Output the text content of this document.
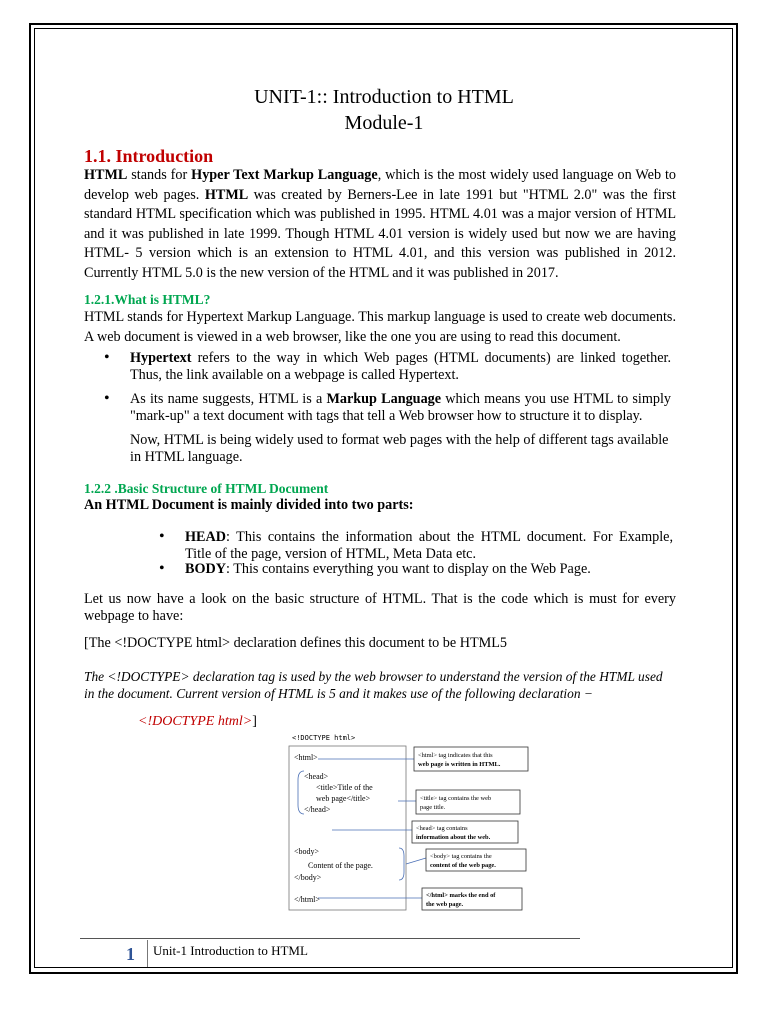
UNIT-1:: Introduction to HTML
Module-1
1.1. Introduction
HTML stands for Hyper Text Markup Language, which is the most widely used language on Web to develop web pages. HTML was created by Berners-Lee in late 1991 but "HTML 2.0" was the first standard HTML specification which was published in 1995. HTML 4.01 was a major version of HTML and it was published in late 1999. Though HTML 4.01 version is widely used but now we are having HTML- 5 version which is an extension to HTML 4.01, and this version was published in 2012. Currently HTML 5.0 is the new version of the HTML and it was published in 2017.
1.2.1.What is HTML?
HTML stands for Hypertext Markup Language. This markup language is used to create web documents. A web document is viewed in a web browser, like the one you are using to read this document.
• Hypertext refers to the way in which Web pages (HTML documents) are linked together. Thus, the link available on a webpage is called Hypertext.
• As its name suggests, HTML is a Markup Language which means you use HTML to simply "mark-up" a text document with tags that tell a Web browser how to structure it to display.
Now, HTML is being widely used to format web pages with the help of different tags available in HTML language.
1.2.2 .Basic Structure of HTML Document
An HTML Document is mainly divided into two parts:
• HEAD: This contains the information about the HTML document. For Example, Title of the page, version of HTML, Meta Data etc.
• BODY: This contains everything you want to display on the Web Page.
Let us now have a look on the basic structure of HTML. That is the code which is must for every webpage to have:
[The <!DOCTYPE html> declaration defines this document to be HTML5
The <!DOCTYPE> declaration tag is used by the web browser to understand the version of the HTML used in the document. Current version of HTML is 5 and it makes use of the following declaration −
<!DOCTYPE html>]
<!DOCTYPE html>
<html>
<head>
<title>Title of the
web page</title>
</head>
<body>
Content of the page.
</body>
</html>
<html> tag indicates that this
web page is written in HTML.
<title> tag contains the web
page title.
<head> tag contains
information about the web.
<body> tag contains the
content of the web page.
</html> marks the end of
the web page.
1 Unit-1 Introduction to HTML
